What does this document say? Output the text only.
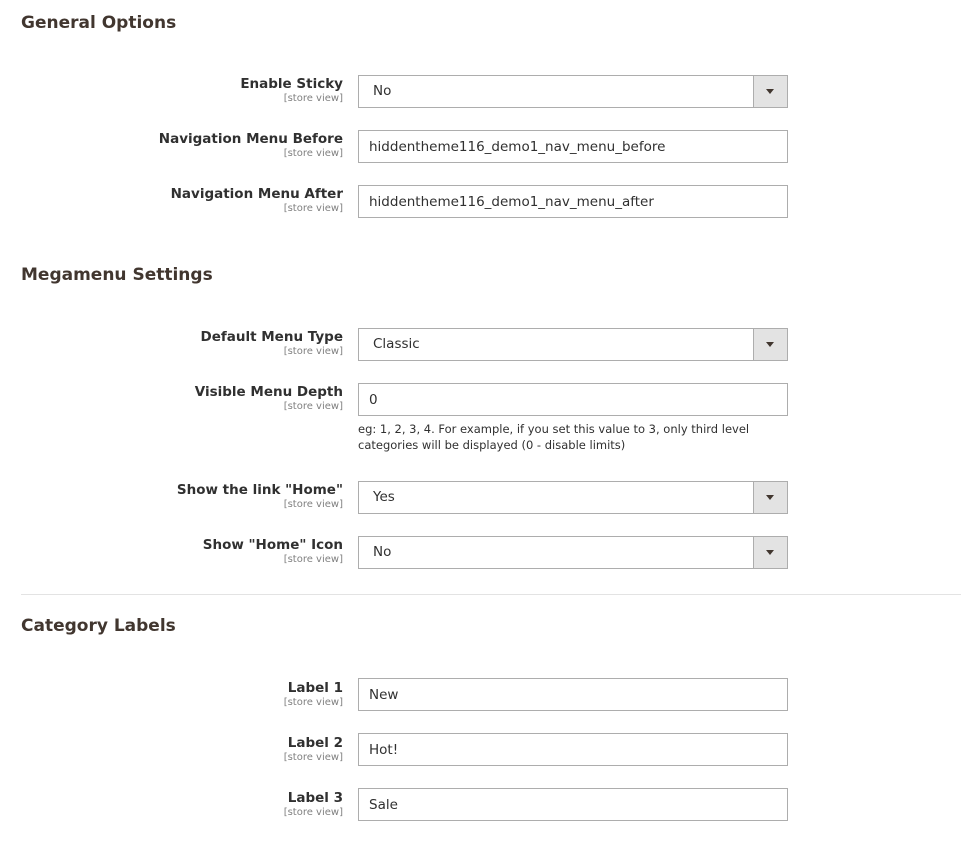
General Options
Enable Sticky
[store view] No
Navigation Menu Before
[store view]
hiddentheme116_demo1_nav_menu_before
Navigation Menu After
[store view]
hiddentheme116_demo1_nav_menu_after
Megamenu Settings
Default Menu Type
[store view] Classic
Visible Menu Depth
[store view]
0

eg: 1, 2, 3, 4. For example, if you set this value to 3, only third level categories will be displayed (0 - disable limits)

Show the link "Home"
[store view] Yes
Show "Home" Icon
[store view] No
Category Labels
Label 1
[store view]
New
Label 2
[store view]
Hot!
Label 3
[store view]
Sale
